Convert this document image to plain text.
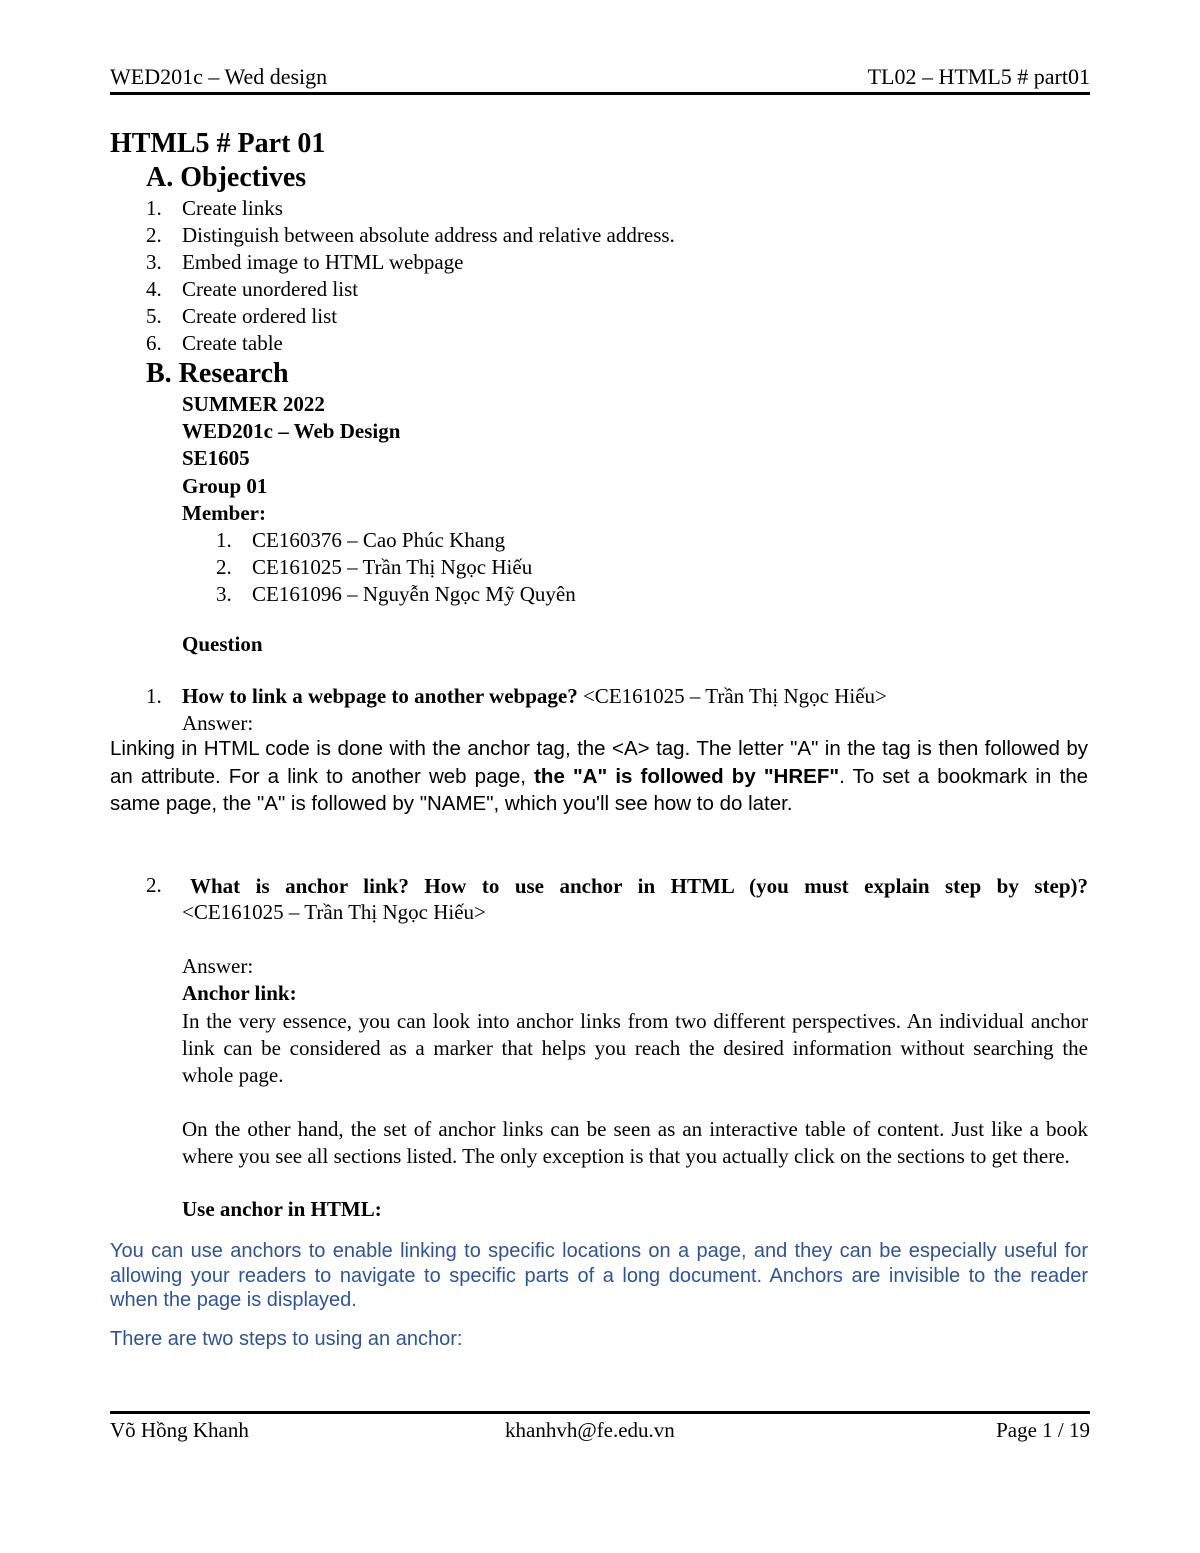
WED201c – Wed design	TL02 – HTML5 # part01
HTML5 # Part 01
A. Objectives
1. Create links
2. Distinguish between absolute address and relative address.
3. Embed image to HTML webpage
4. Create unordered list
5. Create ordered list
6. Create table
B. Research
SUMMER 2022
WED201c – Web Design
SE1605
Group 01
Member:
1. CE160376 – Cao Phúc Khang
2. CE161025 – Trần Thị Ngọc Hiếu
3. CE161096 – Nguyễn Ngọc Mỹ Quyên
Question
1. How to link a webpage to another webpage? <CE161025 – Trần Thị Ngọc Hiếu>
Answer:
Linking in HTML code is done with the anchor tag, the <A> tag. The letter "A" in the tag is then followed by an attribute. For a link to another web page, the "A" is followed by "HREF". To set a bookmark in the same page, the "A" is followed by "NAME", which you'll see how to do later.
2. What is anchor link? How to use anchor in HTML (you must explain step by step)?
<CE161025 – Trần Thị Ngọc Hiếu>
Answer:
Anchor link:
In the very essence, you can look into anchor links from two different perspectives. An individual anchor link can be considered as a marker that helps you reach the desired information without searching the whole page.
On the other hand, the set of anchor links can be seen as an interactive table of content. Just like a book where you see all sections listed. The only exception is that you actually click on the sections to get there.
Use anchor in HTML:
You can use anchors to enable linking to specific locations on a page, and they can be especially useful for allowing your readers to navigate to specific parts of a long document. Anchors are invisible to the reader when the page is displayed.
There are two steps to using an anchor:
Võ Hồng Khanh	khanhvh@fe.edu.vn	Page 1 / 19
